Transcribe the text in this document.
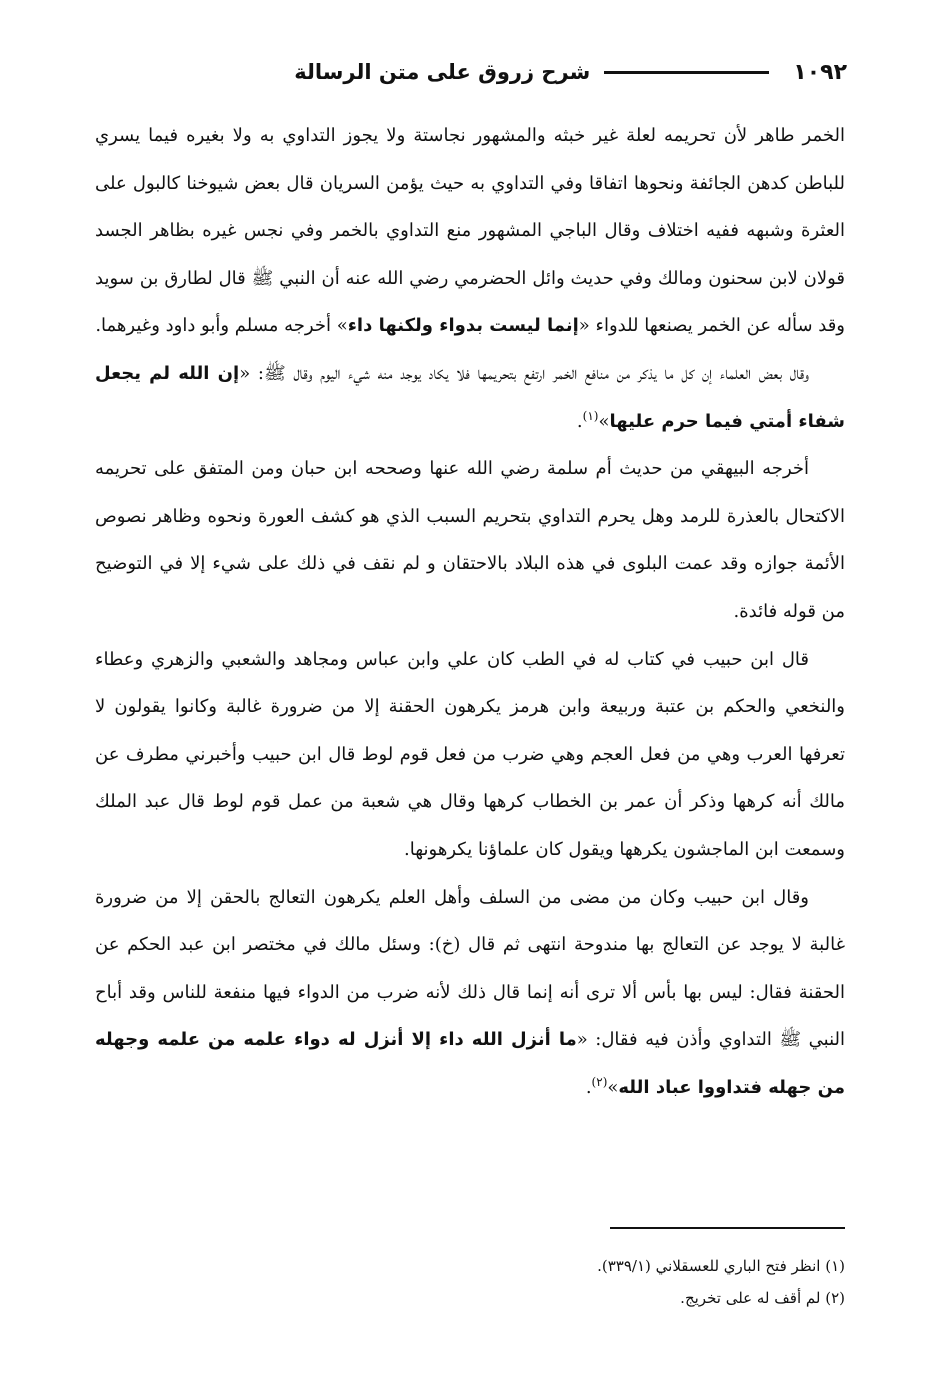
١٠٩٢
شرح زروق على متن الرسالة

الخمر طاهر لأن تحريمه لعلة غير خبثه والمشهور نجاستة ولا يجوز التداوي به ولا بغيره فيما يسري للباطن كدهن الجائفة ونحوها اتفاقا وفي التداوي به حيث يؤمن السريان قال بعض شيوخنا كالبول على العثرة وشبهه ففيه اختلاف وقال الباجي المشهور منع التداوي بالخمر وفي نجس غيره بظاهر الجسد قولان لابن سحنون ومالك وفي حديث وائل الحضرمي رضي الله عنه أن النبي ﷺ قال لطارق بن سويد وقد سأله عن الخمر يصنعها للدواء «إنما ليست بدواء ولكنها داء» أخرجه مسلم وأبو داود وغيرهما.

وقال بعض العلماء إن كل ما يذكر من منافع الخمر ارتفع بتحريمها فلا يكاد يوجد منه شيء اليوم وقال ﷺ: «إن الله لم يجعل شفاء أمتي فيما حرم عليها»$^{(١)}$.

أخرجه البيهقي من حديث أم سلمة رضي الله عنها وصححه ابن حبان ومن المتفق على تحريمه الاكتحال بالعذرة للرمد وهل يحرم التداوي بتحريم السبب الذي هو كشف العورة ونحوه وظاهر نصوص الأئمة جوازه وقد عمت البلوى في هذه البلاد بالاحتقان و لم نقف في ذلك على شيء إلا في التوضيح من قوله فائدة.

قال ابن حبيب في كتاب له في الطب كان علي وابن عباس ومجاهد والشعبي والزهري وعطاء والنخعي والحكم بن عتبة وربيعة وابن هرمز يكرهون الحقنة إلا من ضرورة غالبة وكانوا يقولون لا تعرفها العرب وهي من فعل العجم وهي ضرب من فعل قوم لوط قال ابن حبيب وأخبرني مطرف عن مالك أنه كرهها وذكر أن عمر بن الخطاب كرهها وقال هي شعبة من عمل قوم لوط قال عبد الملك وسمعت ابن الماجشون يكرهها ويقول كان علماؤنا يكرهونها.

وقال ابن حبيب وكان من مضى من السلف وأهل العلم يكرهون التعالج بالحقن إلا من ضرورة غالبة لا يوجد عن التعالج بها مندوحة انتهى ثم قال (خ): وسئل مالك في مختصر ابن عبد الحكم عن الحقنة فقال: ليس بها بأس ألا ترى أنه إنما قال ذلك لأنه ضرب من الدواء فيها منفعة للناس وقد أباح النبي ﷺ التداوي وأذن فيه فقال: «ما أنزل الله داء إلا أنزل له دواء علمه من علمه وجهله من جهله فتداووا عباد الله»$^{(٢)}$.

(١) انظر فتح الباري للعسقلاني (٣٣٩/١).

(٢) لم أقف له على تخريج.
